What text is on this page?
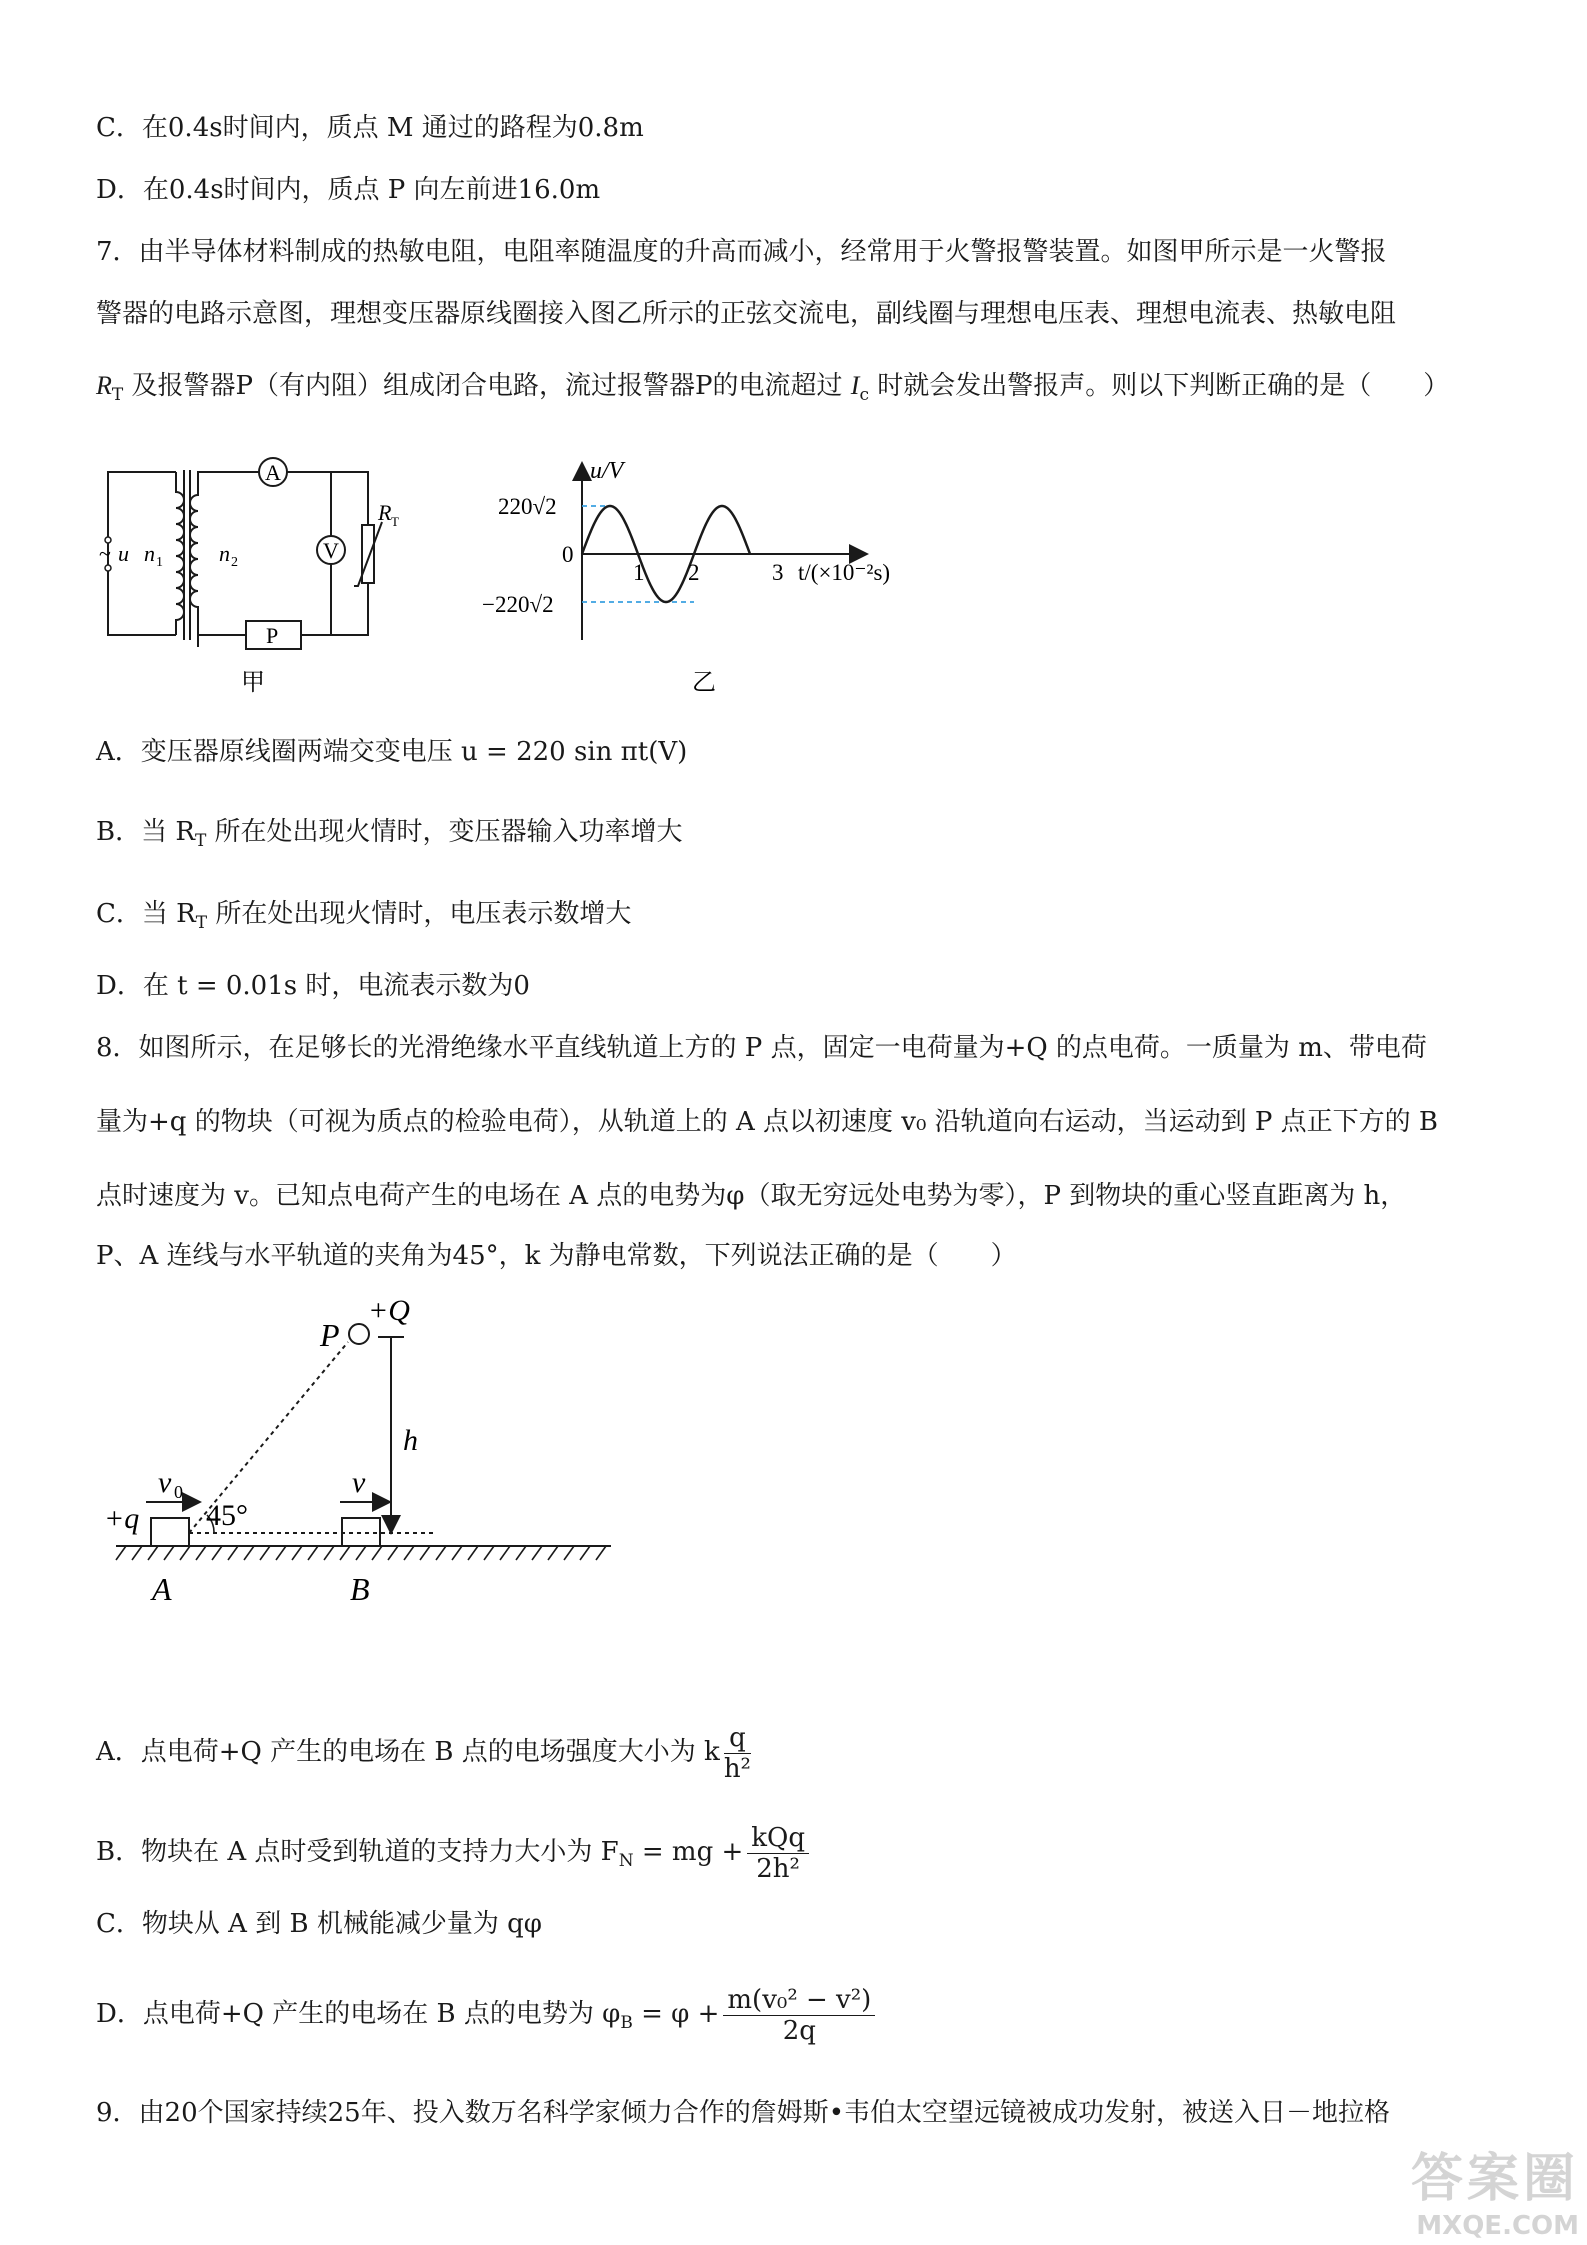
C．在0.4s时间内，质点 M 通过的路程为0.8m
D．在0.4s时间内，质点 P 向左前进16.0m
7．由半导体材料制成的热敏电阻，电阻率随温度的升高而减小，经常用于火警报警装置。如图甲所示是一火警报
警器的电路示意图，理想变压器原线圈接入图乙所示的正弦交流电，副线圈与理想电压表、理想电流表、热敏电阻
$R_T$ 及报警器P（有内阻）组成闭合电路，流过报警器P的电流超过 $I_c$ 时就会发出警报声。则以下判断正确的是（　　）
~ u n 1	n 2
A
V
R T
P
甲
u/V
220√2
−220√2
0
1 2	3 t/(×10⁻²s)
乙
A．变压器原线圈两端交变电压 u = 220 sin πt(V)
B．当 $R_T$ 所在处出现火情时，变压器输入功率增大
C．当 $R_T$ 所在处出现火情时，电压表示数增大
D．在 t = 0.01s 时，电流表示数为0
8．如图所示，在足够长的光滑绝缘水平直线轨道上方的 P 点，固定一电荷量为+Q 的点电荷。一质量为 m、带电荷
量为+q 的物块（可视为质点的检验电荷），从轨道上的 A 点以初速度 v₀ 沿轨道向右运动，当运动到 P 点正下方的 B
点时速度为 v。已知点电荷产生的电场在 A 点的电势为φ（取无穷远处电势为零），P 到物块的重心竖直距离为 h，
P、A 连线与水平轨道的夹角为45°，k 为静电常数，下列说法正确的是（　　）
+Q
P
h
v 0	v
+q 45°
A	B
A．点电荷+Q 产生的电场在 B 点的电场强度大小为 k $\frac{q}{\text{h²}}$
B．物块在 A 点时受到轨道的支持力大小为 $F_N$ = mg + $\frac{\text{kQq}}{\text{2h²}}$
C．物块从 A 到 B 机械能减少量为 qφ
D．点电荷+Q 产生的电场在 B 点的电势为 $\varphi_B = \varphi + \frac{\text{m(v₀² − v²)}}{2q}$
9．由20个国家持续25年、投入数万名科学家倾力合作的詹姆斯•韦伯太空望远镜被成功发射，被送入日－地拉格
答案圈
MXQE.COM
